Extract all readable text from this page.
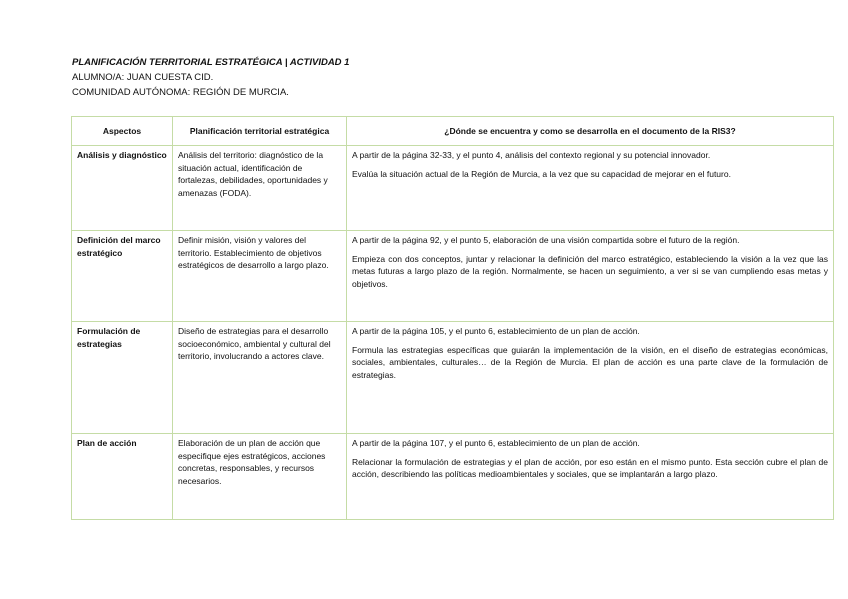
PLANIFICACIÓN TERRITORIAL ESTRATÉGICA | ACTIVIDAD 1
ALUMNO/A: JUAN CUESTA CID.
COMUNIDAD AUTÓNOMA: REGIÓN DE MURCIA.
Aspectos	Planificación territorial estratégica	¿Dónde se encuentra y como se desarrolla en el documento de la RIS3?
Análisis y diagnóstico	Análisis del territorio: diagnóstico de la situación actual, identificación de fortalezas, debilidades, oportunidades y amenazas (FODA).	A partir de la página 32-33, y el punto 4, análisis del contexto regional y su potencial innovador.

Evalúa la situación actual de la Región de Murcia, a la vez que su capacidad de mejorar en el futuro.

Definición del marco estratégico	Definir misión, visión y valores del territorio. Establecimiento de objetivos estratégicos de desarrollo a largo plazo.	A partir de la página 92, y el punto 5, elaboración de una visión compartida sobre el futuro de la región.

Empieza con dos conceptos, juntar y relacionar la definición del marco estratégico, estableciendo la visión a la vez que las metas futuras a largo plazo de la región. Normalmente, se hacen un seguimiento, a ver si se van cumpliendo esas metas y objetivos.

Formulación de estrategias	Diseño de estrategias para el desarrollo socioeconómico, ambiental y cultural del territorio, involucrando a actores clave.	A partir de la página 105, y el punto 6, establecimiento de un plan de acción.

Formula las estrategias específicas que guiarán la implementación de la visión, en el diseño de estrategias económicas, sociales, ambientales, culturales… de la Región de Murcia. El plan de acción es una parte clave de la formulación de estrategias.

Plan de acción	Elaboración de un plan de acción que especifique ejes estratégicos, acciones concretas, responsables, y recursos necesarios.	A partir de la página 107, y el punto 6, establecimiento de un plan de acción.

Relacionar la formulación de estrategias y el plan de acción, por eso están en el mismo punto. Esta sección cubre el plan de acción, describiendo las políticas medioambientales y sociales, que se implantarán a largo plazo.
